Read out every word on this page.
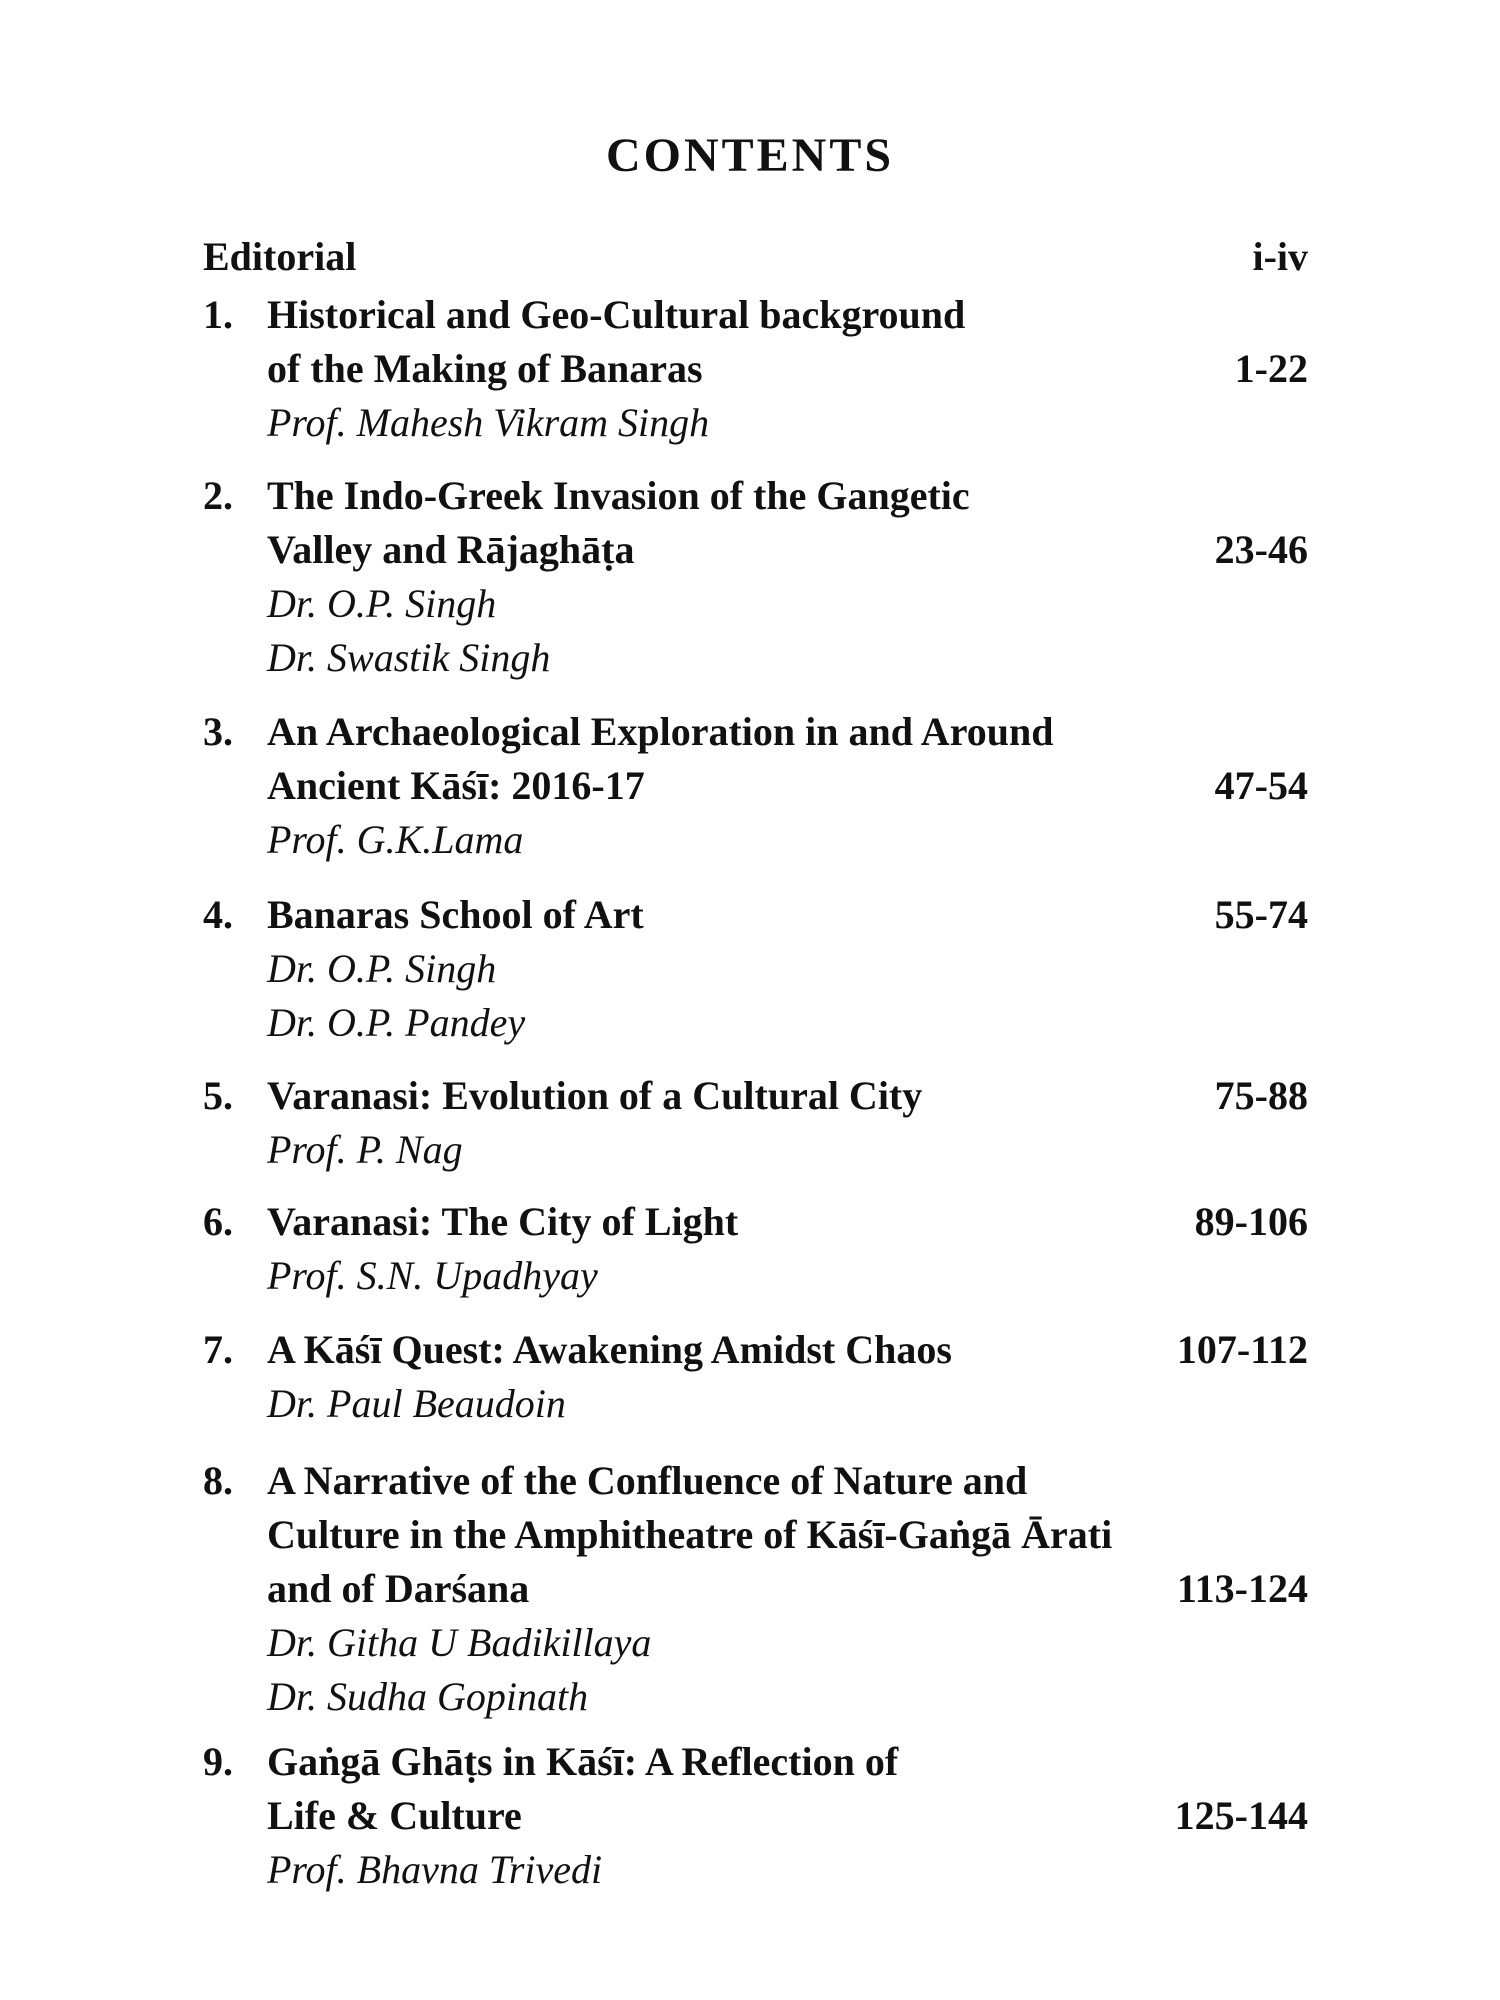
CONTENTS
Editorial	i-iv
1. Historical and Geo-Cultural background
of the Making of Banaras	1-22
Prof. Mahesh Vikram Singh
2. The Indo-Greek Invasion of the Gangetic
Valley and Rājaghāṭa	23-46
Dr. O.P. Singh
Dr. Swastik Singh
3. An Archaeological Exploration in and Around
Ancient Kāśī: 2016-17	47-54
Prof. G.K.Lama
4. Banaras School of Art	55-74
Dr. O.P. Singh
Dr. O.P. Pandey
5. Varanasi: Evolution of a Cultural City	75-88
Prof. P. Nag
6. Varanasi: The City of Light	89-106
Prof. S.N. Upadhyay
7. A Kāśī Quest: Awakening Amidst Chaos	107-112
Dr. Paul Beaudoin
8. A Narrative of the Confluence of Nature and
Culture in the Amphitheatre of Kāśī-Gaṅgā Ārati
and of Darśana	113-124
Dr. Githa U Badikillaya
Dr. Sudha Gopinath
9. Gaṅgā Ghāṭs in Kāśī: A Reflection of
Life & Culture	125-144
Prof. Bhavna Trivedi
